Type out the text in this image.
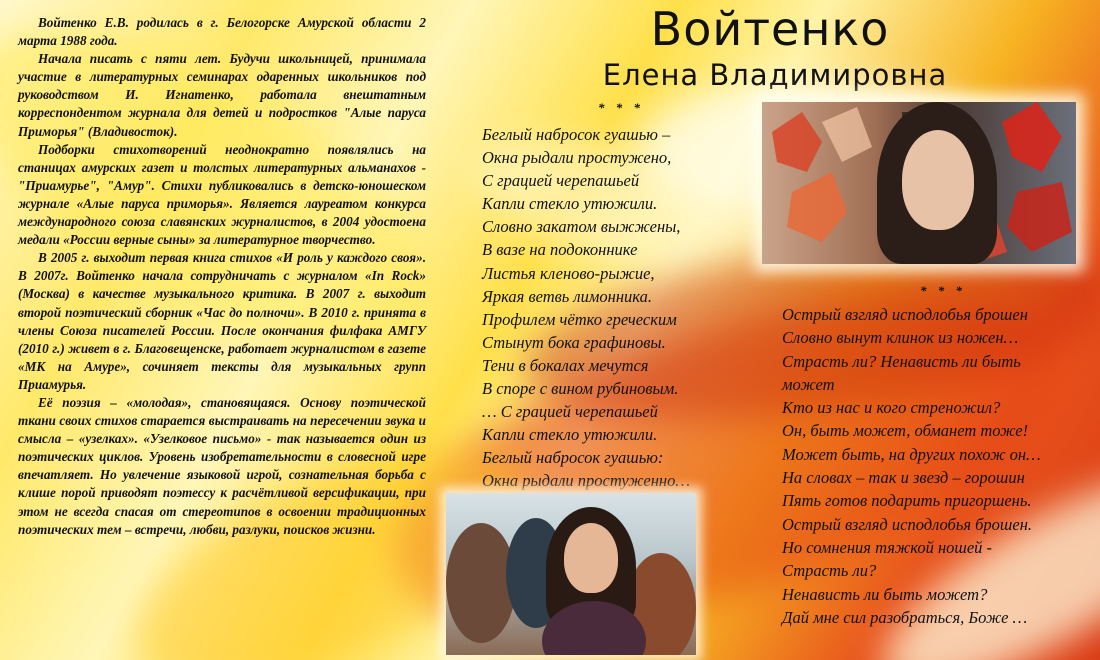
Войтенко Е.В. родилась в г. Белогорске Амурской области 2 марта 1988 года.

Начала писать с пяти лет. Будучи школьницей, принимала участие в литературных семинарах одаренных школьников под руководством И. Игнатенко, работала внештатным корреспондентом журнала для детей и подростков "Алые паруса Приморья" (Владивосток).

Подборки стихотворений неоднократно появлялись на станицах амурских газет и толстых литературных альманахов - "Приамурье", "Амур". Стихи публиковались в детско-юношеском журнале «Алые паруса приморья». Является лауреатом конкурса международного союза славянских журналистов, в 2004 удостоена медали «России верные сыны» за литературное творчество.

В 2005 г. выходит первая книга стихов «И роль у каждого своя». В 2007г. Войтенко начала сотрудничать с журналом «In Rock» (Москва) в качестве музыкального критика. В 2007 г. выходит второй поэтический сборник «Час до полночи». В 2010 г. принята в члены Союза писателей России. После окончания филфака АМГУ (2010 г.) живет в г. Благовещенске, работает журналистом в газете «МК на Амуре», сочиняет тексты для музыкальных групп Приамурья.

Её поэзия – «молодая», становящаяся. Основу поэтической ткани своих стихов старается выстраивать на пересечении звука и смысла – «узелках». «Узелковое письмо» - так называется один из поэтических циклов. Уровень изобретательности в словесной игре впечатляет. Но увлечение языковой игрой, сознательная борьба с клише порой приводят поэтессу к расчётливой версификации, при этом не всегда спасая от стереотипов в освоении традиционных поэтических тем – встречи, любви, разлуки, поисков жизни.

Войтенко
Елена Владимировна
* * *
Беглый набросок гуашью –
Окна рыдали простужено,
С грацией черепашьей
Капли стекло утюжили.
Словно закатом выжжены,
В вазе на подоконнике
Листья кленово-рыжие,
Яркая ветвь лимонника.
Профилем чётко греческим
Стынут бока графиновы.
Тени в бокалах мечутся
В споре с вином рубиновым.
… С грацией черепашьей
Капли стекло утюжили.
Беглый набросок гуашью:
Окна рыдали простуженно…
* * *
Острый взгляд исподлобья брошен
Словно вынут клинок из ножен…
Страсть ли? Ненависть ли быть
может
Кто из нас и кого стреножил?
Он, быть может, обманет тоже!
Может быть, на других похож он…
На словах – так и звезд – горошин
Пять готов подарить пригоршень.
Острый взгляд исподлобья брошен.
Но сомнения тяжкой ношей -
Страсть ли?
Ненависть ли быть может?
Дай мне сил разобраться, Боже …
